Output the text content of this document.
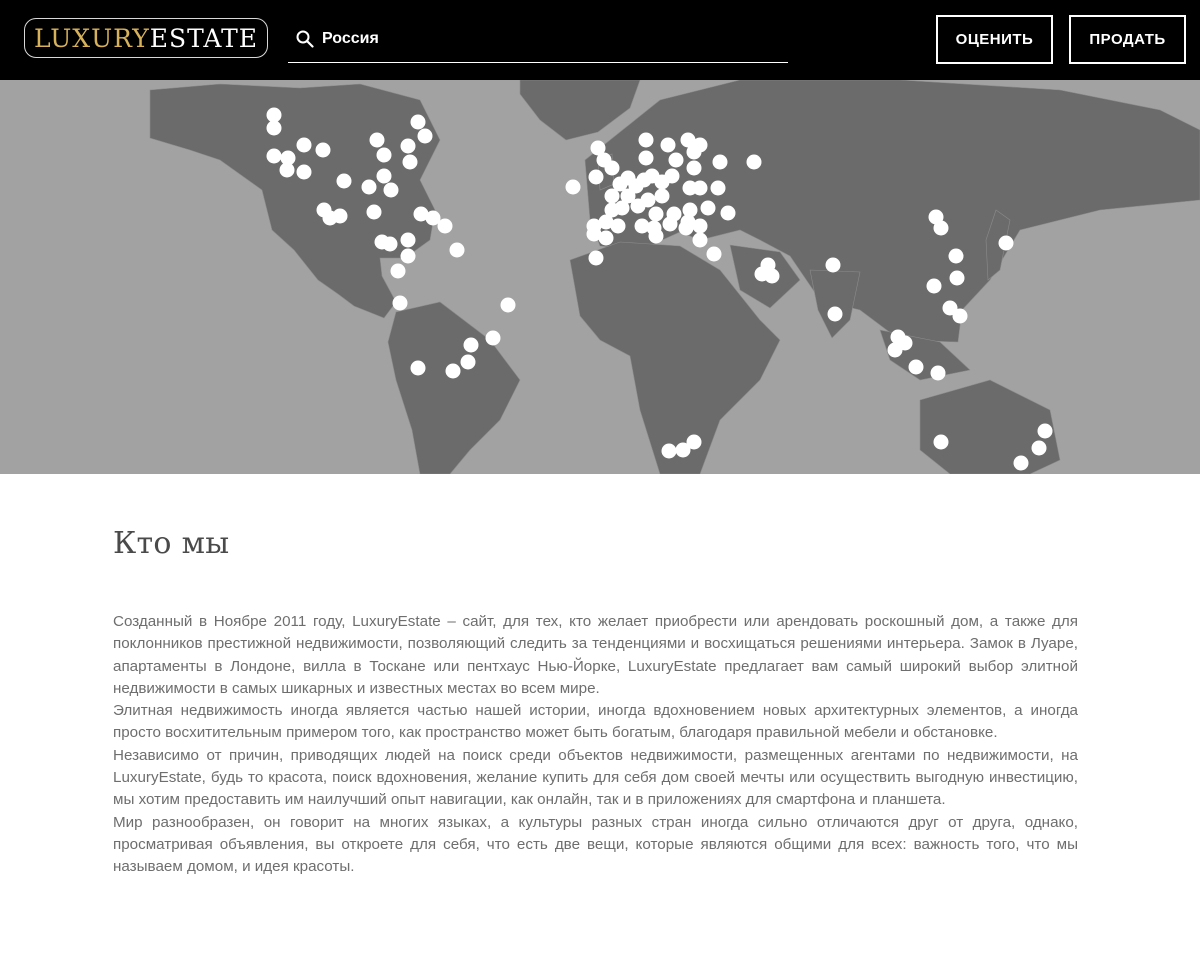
LUXURY ESTATE
Россия	ОЦЕНИТЬ	ПРОДАТЬ
Кто мы

Созданный в Ноябре 2011 году, LuxuryEstate – сайт, для тех, кто желает приобрести или арендовать роскошный дом, а также для поклонников престижной недвижимости, позволяющий следить за тенденциями и восхищаться решениями интерьера. Замок в Луаре, апартаменты в Лондоне, вилла в Тоскане или пентхаус Нью-Йорке, LuxuryEstate предлагает вам самый широкий выбор элитной недвижимости в самых шикарных и известных местах во всем мире.

Элитная недвижимость иногда является частью нашей истории, иногда вдохновением новых архитектурных элементов, а иногда просто восхитительным примером того, как пространство может быть богатым, благодаря правильной мебели и обстановке.

Независимо от причин, приводящих людей на поиск среди объектов недвижимости, размещенных агентами по недвижимости, на LuxuryEstate, будь то красота, поиск вдохновения, желание купить для себя дом своей мечты или осуществить выгодную инвестицию, мы хотим предоставить им наилучший опыт навигации, как онлайн, так и в приложениях для смартфона и планшета.

Мир разнообразен, он говорит на многих языках, а культуры разных стран иногда сильно отличаются друг от друга, однако, просматривая объявления, вы откроете для себя, что есть две вещи, которые являются общими для всех: важность того, что мы называем домом, и идея красоты.
